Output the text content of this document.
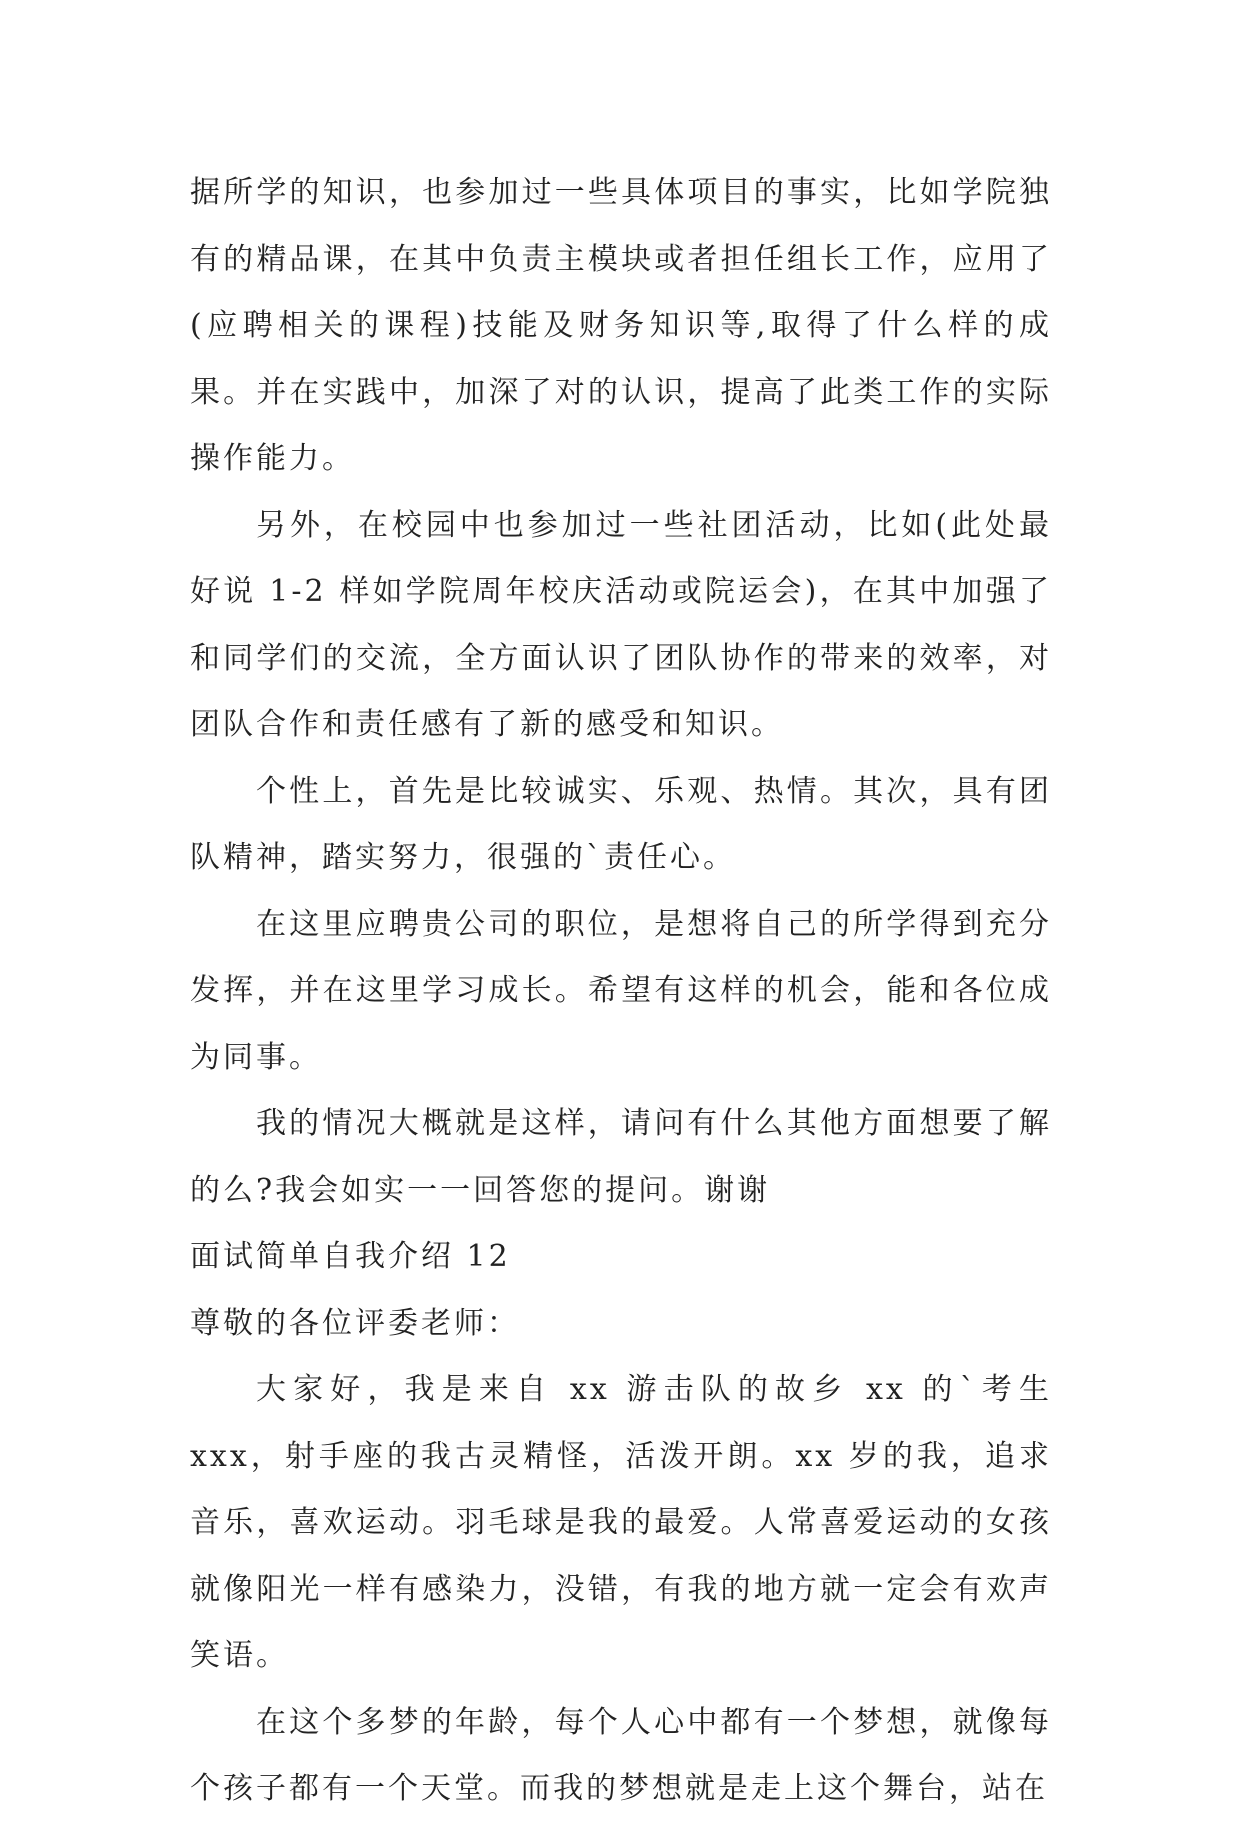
据所学的知识，也参加过一些具体项目的事实，比如学院独有的精品课，在其中负责主模块或者担任组长工作，应用了(应聘相关的课程)技能及财务知识等,取得了什么样的成果。并在实践中，加深了对的认识，提高了此类工作的实际操作能力。

另外，在校园中也参加过一些社团活动，比如(此处最好说 1-2 样如学院周年校庆活动或院运会)，在其中加强了和同学们的交流，全方面认识了团队协作的带来的效率，对团队合作和责任感有了新的感受和知识。

个性上，首先是比较诚实、乐观、热情。其次，具有团队精神，踏实努力，很强的`责任心。

在这里应聘贵公司的职位，是想将自己的所学得到充分发挥，并在这里学习成长。希望有这样的机会，能和各位成为同事。

我的情况大概就是这样，请问有什么其他方面想要了解的么?我会如实一一回答您的提问。谢谢

面试简单自我介绍 12

尊敬的各位评委老师：

大家好，我是来自 xx 游击队的故乡 xx 的`考生 xxx，射手座的我古灵精怪，活泼开朗。xx 岁的我，追求音乐，喜欢运动。羽毛球是我的最爱。人常喜爱运动的女孩就像阳光一样有感染力，没错，有我的地方就一定会有欢声笑语。

在这个多梦的年龄，每个人心中都有一个梦想，就像每个孩子都有一个天堂。而我的梦想就是走上这个舞台，站在
